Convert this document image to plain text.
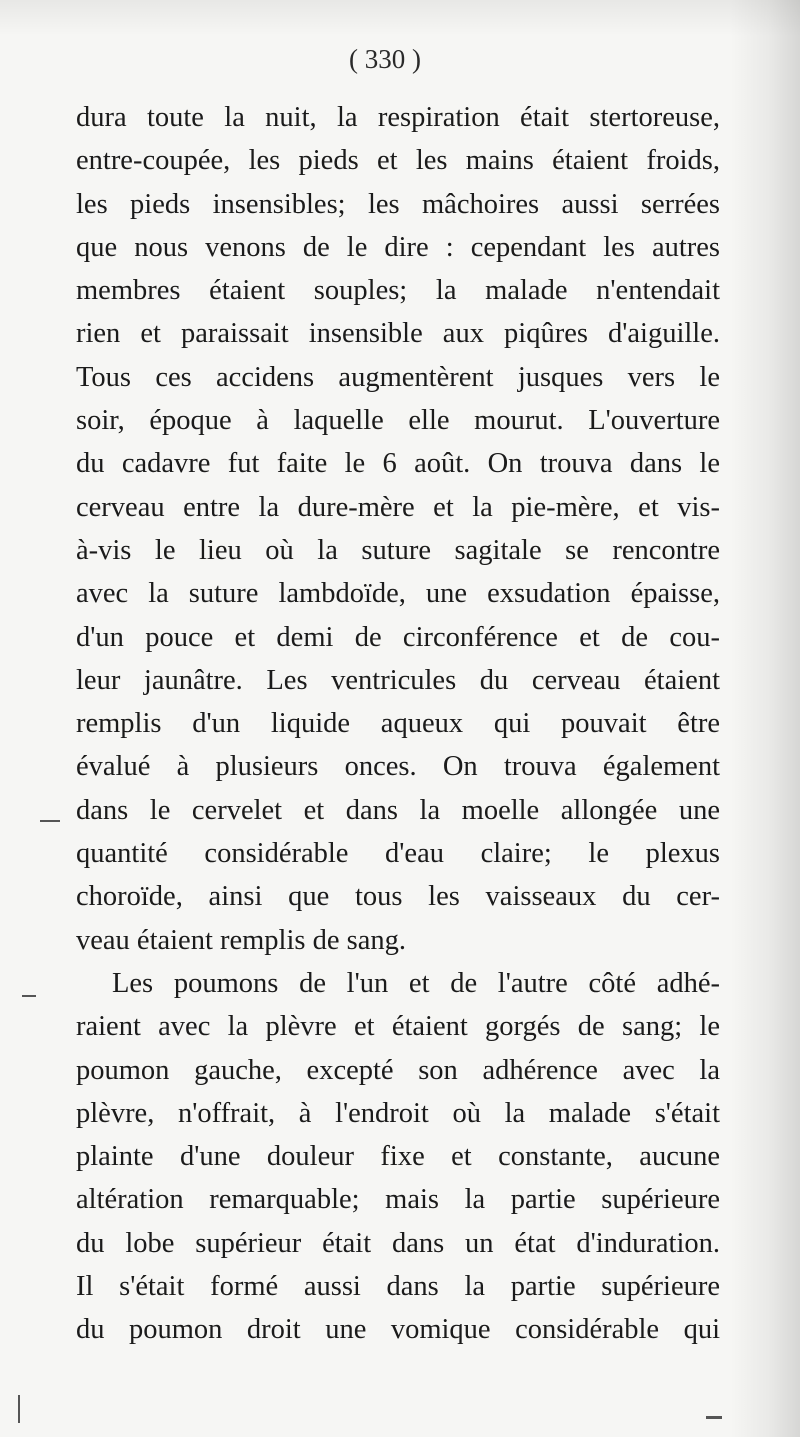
( 330 )
dura toute la nuit, la respiration était stertoreuse,
entre-coupée, les pieds et les mains étaient froids,
les pieds insensibles; les mâchoires aussi serrées
que nous venons de le dire : cependant les autres
membres étaient souples; la malade n'entendait
rien et paraissait insensible aux piqûres d'aiguille.
Tous ces accidens augmentèrent jusques vers le
soir, époque à laquelle elle mourut. L'ouverture
du cadavre fut faite le 6 août. On trouva dans le
cerveau entre la dure-mère et la pie-mère, et vis-
à-vis le lieu où la suture sagitale se rencontre
avec la suture lambdoïde, une exsudation épaisse,
d'un pouce et demi de circonférence et de cou-
leur jaunâtre. Les ventricules du cerveau étaient
remplis d'un liquide aqueux qui pouvait être
évalué à plusieurs onces. On trouva également
dans le cervelet et dans la moelle allongée une
quantité considérable d'eau claire; le plexus
choroïde, ainsi que tous les vaisseaux du cer-
veau étaient remplis de sang.
Les poumons de l'un et de l'autre côté adhé-
raient avec la plèvre et étaient gorgés de sang; le
poumon gauche, excepté son adhérence avec la
plèvre, n'offrait, à l'endroit où la malade s'était
plainte d'une douleur fixe et constante, aucune
altération remarquable; mais la partie supérieure
du lobe supérieur était dans un état d'induration.
Il s'était formé aussi dans la partie supérieure
du poumon droit une vomique considérable qui
